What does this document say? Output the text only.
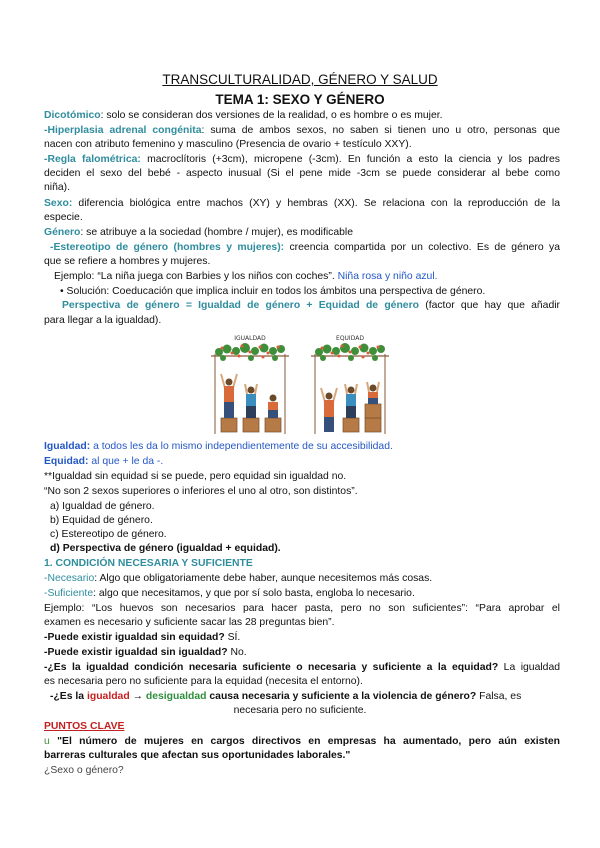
TRANSCULTURALIDAD, GÉNERO Y SALUD
TEMA 1: SEXO Y GÉNERO
Dicotómico: solo se consideran dos versiones de la realidad, o es hombre o es mujer.
-Hiperplasia adrenal congénita: suma de ambos sexos, no saben si tienen uno u otro, personas que
nacen con atributo femenino y masculino (Presencia de ovario + testículo XXY).
-Regla falométrica: macroclítoris (+3cm), micropene (-3cm). En función a esto la ciencia y los padres
deciden el sexo del bebé - aspecto inusual (Si el pene mide -3cm se puede considerar al bebe como
niña).
Sexo: diferencia biológica entre machos (XY) y hembras (XX). Se relaciona con la reproducción de la
especie.
Género: se atribuye a la sociedad (hombre / mujer), es modificable
-Estereotipo de género (hombres y mujeres): creencia compartida por un colectivo. Es de género ya
que se refiere a hombres y mujeres.
Ejemplo: “La niña juega con Barbies y los niños con coches”. Niña rosa y niño azul.
• Solución: Coeducación que implica incluir en todos los ámbitos una perspectiva de género.
Perspectiva de género = Igualdad de género + Equidad de género (factor que hay que añadir
para llegar a la igualdad).
IGUALDAD	EQUIDAD
Igualdad: a todos les da lo mismo independientemente de su accesibilidad.
Equidad: al que + le da -.
**Igualdad sin equidad si se puede, pero equidad sin igualdad no.
“No son 2 sexos superiores o inferiores el uno al otro, son distintos”.
a) Igualdad de género.
b) Equidad de género.
c) Estereotipo de género.
d) Perspectiva de género (igualdad + equidad).
1. CONDICIÓN NECESARIA Y SUFICIENTE
-Necesario: Algo que obligatoriamente debe haber, aunque necesitemos más cosas.
-Suficiente: algo que necesitamos, y que por sí solo basta, engloba lo necesario.
Ejemplo: “Los huevos son necesarios para hacer pasta, pero no son suficientes”: “Para aprobar el
examen es necesario y suficiente sacar las 28 preguntas bien”.
-Puede existir igualdad sin equidad? SÍ.
-Puede existir igualdad sin igualdad? No.
-¿Es la igualdad condición necesaria suficiente o necesaria y suficiente a la equidad? La igualdad
es necesaria pero no suficiente para la equidad (necesita el entorno).
-¿Es la igualdad → desigualdad causa necesaria y suficiente a la violencia de género? Falsa, es
necesaria pero no suficiente.
PUNTOS CLAVE
u "El número de mujeres en cargos directivos en empresas ha aumentado, pero aún existen
barreras culturales que afectan sus oportunidades laborales."
¿Sexo o género?
